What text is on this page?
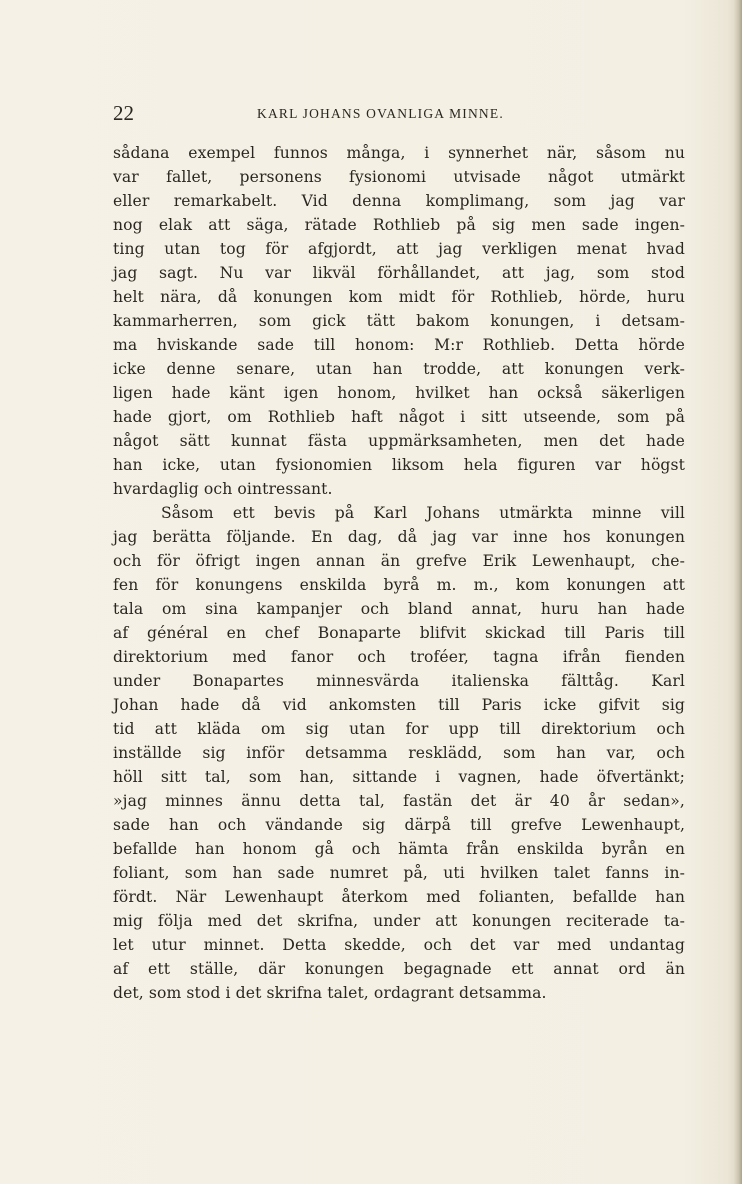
22	KARL JOHANS OVANLIGA MINNE.
sådana exempel funnos många, i synnerhet när, såsom nu
var fallet, personens fysionomi utvisade något utmärkt
eller remarkabelt. Vid denna komplimang, som jag var
nog elak att säga, rätade Rothlieb på sig men sade ingen-
ting utan tog för afgjordt, att jag verkligen menat hvad
jag sagt. Nu var likväl förhållandet, att jag, som stod
helt nära, då konungen kom midt för Rothlieb, hörde, huru
kammarherren, som gick tätt bakom konungen, i detsam-
ma hviskande sade till honom: M:r Rothlieb. Detta hörde
icke denne senare, utan han trodde, att konungen verk-
ligen hade känt igen honom, hvilket han också säkerligen
hade gjort, om Rothlieb haft något i sitt utseende, som på
något sätt kunnat fästa uppmärksamheten, men det hade
han icke, utan fysionomien liksom hela figuren var högst
hvardaglig och ointressant.
Såsom ett bevis på Karl Johans utmärkta minne vill
jag berätta följande. En dag, då jag var inne hos konungen
och för öfrigt ingen annan än grefve Erik Lewenhaupt, che-
fen för konungens enskilda byrå m. m., kom konungen att
tala om sina kampanjer och bland annat, huru han hade
af général en chef Bonaparte blifvit skickad till Paris till
direktorium med fanor och troféer, tagna ifrån fienden
under Bonapartes minnesvärda italienska fälttåg. Karl
Johan hade då vid ankomsten till Paris icke gifvit sig
tid att kläda om sig utan for upp till direktorium och
inställde sig inför detsamma resklädd, som han var, och
höll sitt tal, som han, sittande i vagnen, hade öfvertänkt;
»jag minnes ännu detta tal, fastän det är 40 år sedan»,
sade han och vändande sig därpå till grefve Lewenhaupt,
befallde han honom gå och hämta från enskilda byrån en
foliant, som han sade numret på, uti hvilken talet fanns in-
fördt. När Lewenhaupt återkom med folianten, befallde han
mig följa med det skrifna, under att konungen reciterade ta-
let utur minnet. Detta skedde, och det var med undantag
af ett ställe, där konungen begagnade ett annat ord än
det, som stod i det skrifna talet, ordagrant detsamma.
